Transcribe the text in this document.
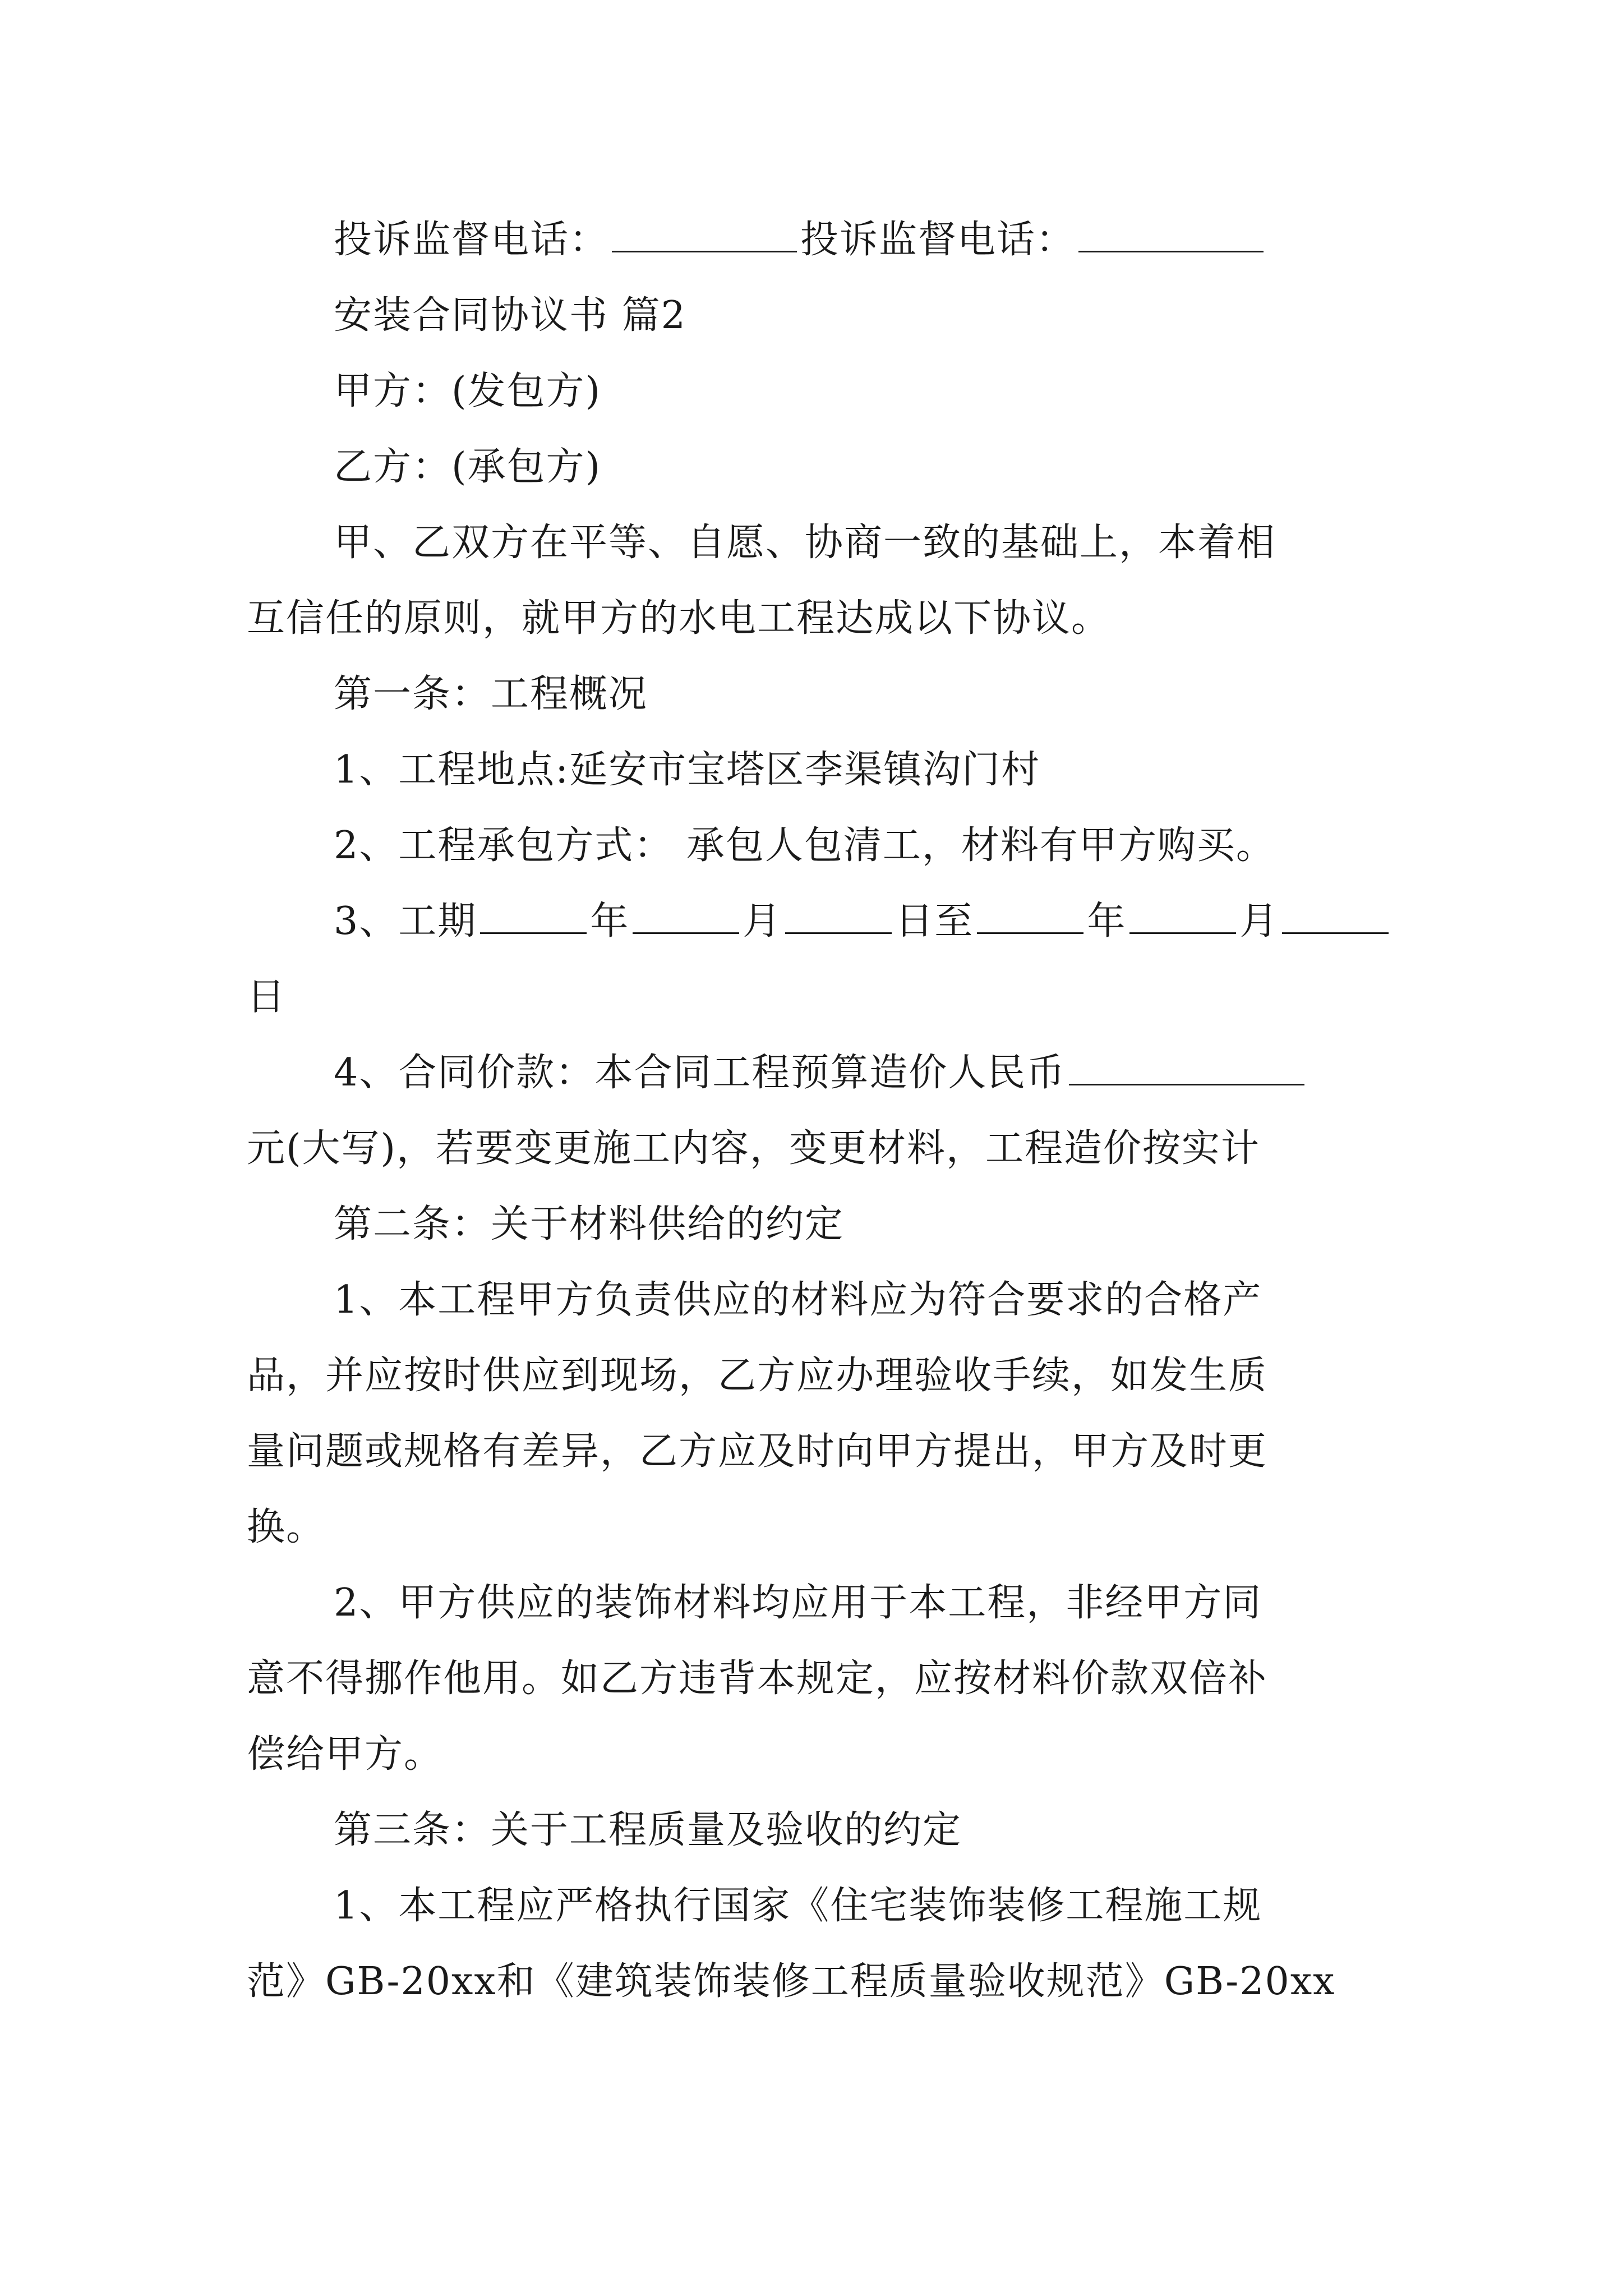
投诉监督电话：	投诉监督电话：
安装合同协议书 篇2
甲方：(发包方)
乙方：(承包方)
甲、乙双方在平等、自愿、协商一致的基础上，本着相
互信任的原则，就甲方的水电工程达成以下协议。
第一条：工程概况
1、工程地点:延安市宝塔区李渠镇沟门村
2、工程承包方式： 承包人包清工，材料有甲方购买。
3、工期	年	月	日至	年	月
日
4、合同价款：本合同工程预算造价人民币
元(大写)，若要变更施工内容，变更材料，工程造价按实计
第二条：关于材料供给的约定
1、本工程甲方负责供应的材料应为符合要求的合格产
品，并应按时供应到现场，乙方应办理验收手续，如发生质
量问题或规格有差异，乙方应及时向甲方提出，甲方及时更
换。
2、甲方供应的装饰材料均应用于本工程，非经甲方同
意不得挪作他用。如乙方违背本规定，应按材料价款双倍补
偿给甲方。
第三条：关于工程质量及验收的约定
1、本工程应严格执行国家《住宅装饰装修工程施工规
范》GB-20xx和《建筑装饰装修工程质量验收规范》GB-20xx
